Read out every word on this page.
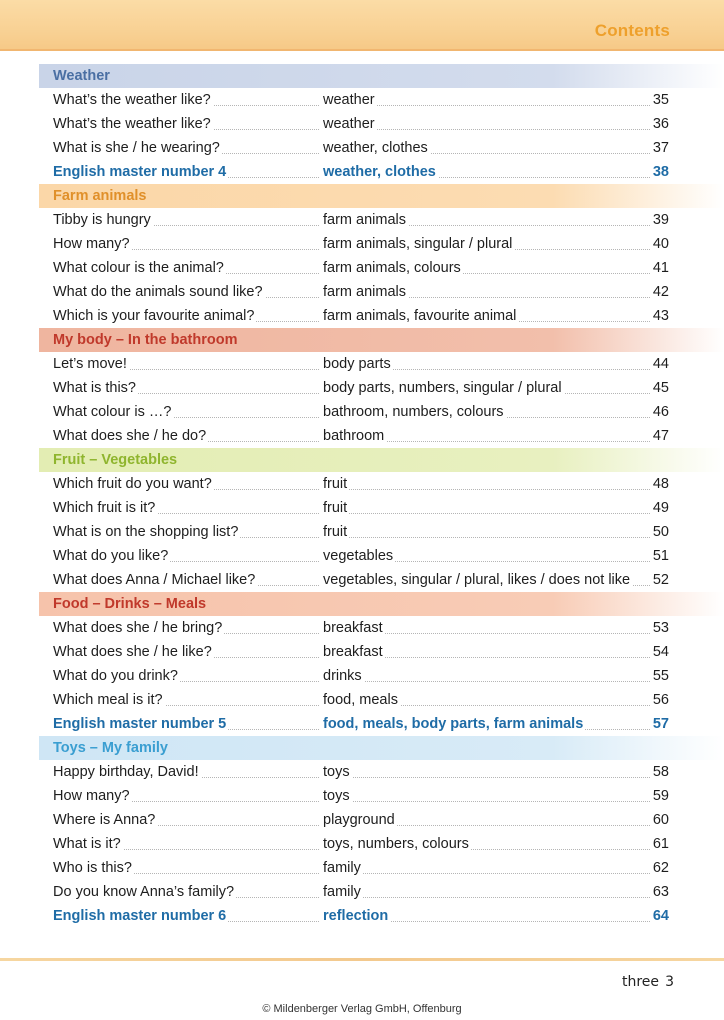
Contents
Weather
What’s the weather like?	weather	35
What’s the weather like?	weather	36
What is she / he wearing?	weather, clothes	37
English master number 4	weather, clothes	38
Farm animals
Tibby is hungry	farm animals	39
How many?	farm animals, singular / plural	40
What colour is the animal?	farm animals, colours	41
What do the animals sound like?	farm animals	42
Which is your favourite animal?	farm animals, favourite animal	43
My body – In the bathroom
Let’s move!	body parts	44
What is this?	body parts, numbers, singular / plural	45
What colour is …?	bathroom, numbers, colours	46
What does she / he do?	bathroom	47
Fruit – Vegetables
Which fruit do you want?	fruit	48
Which fruit is it?	fruit	49
What is on the shopping list?	fruit	50
What do you like?	vegetables	51
What does Anna / Michael like?	vegetables, singular / plural, likes / does not like	52
Food – Drinks – Meals
What does she / he bring?	breakfast	53
What does she / he like?	breakfast	54
What do you drink?	drinks	55
Which meal is it?	food, meals	56
English master number 5	food, meals, body parts, farm animals	57
Toys – My family
Happy birthday, David!	toys	58
How many?	toys	59
Where is Anna?	playground	60
What is it?	toys, numbers, colours	61
Who is this?	family	62
Do you know Anna’s family?	family	63
English master number 6	reflection	64
three 3
© Mildenberger Verlag GmbH, Offenburg
